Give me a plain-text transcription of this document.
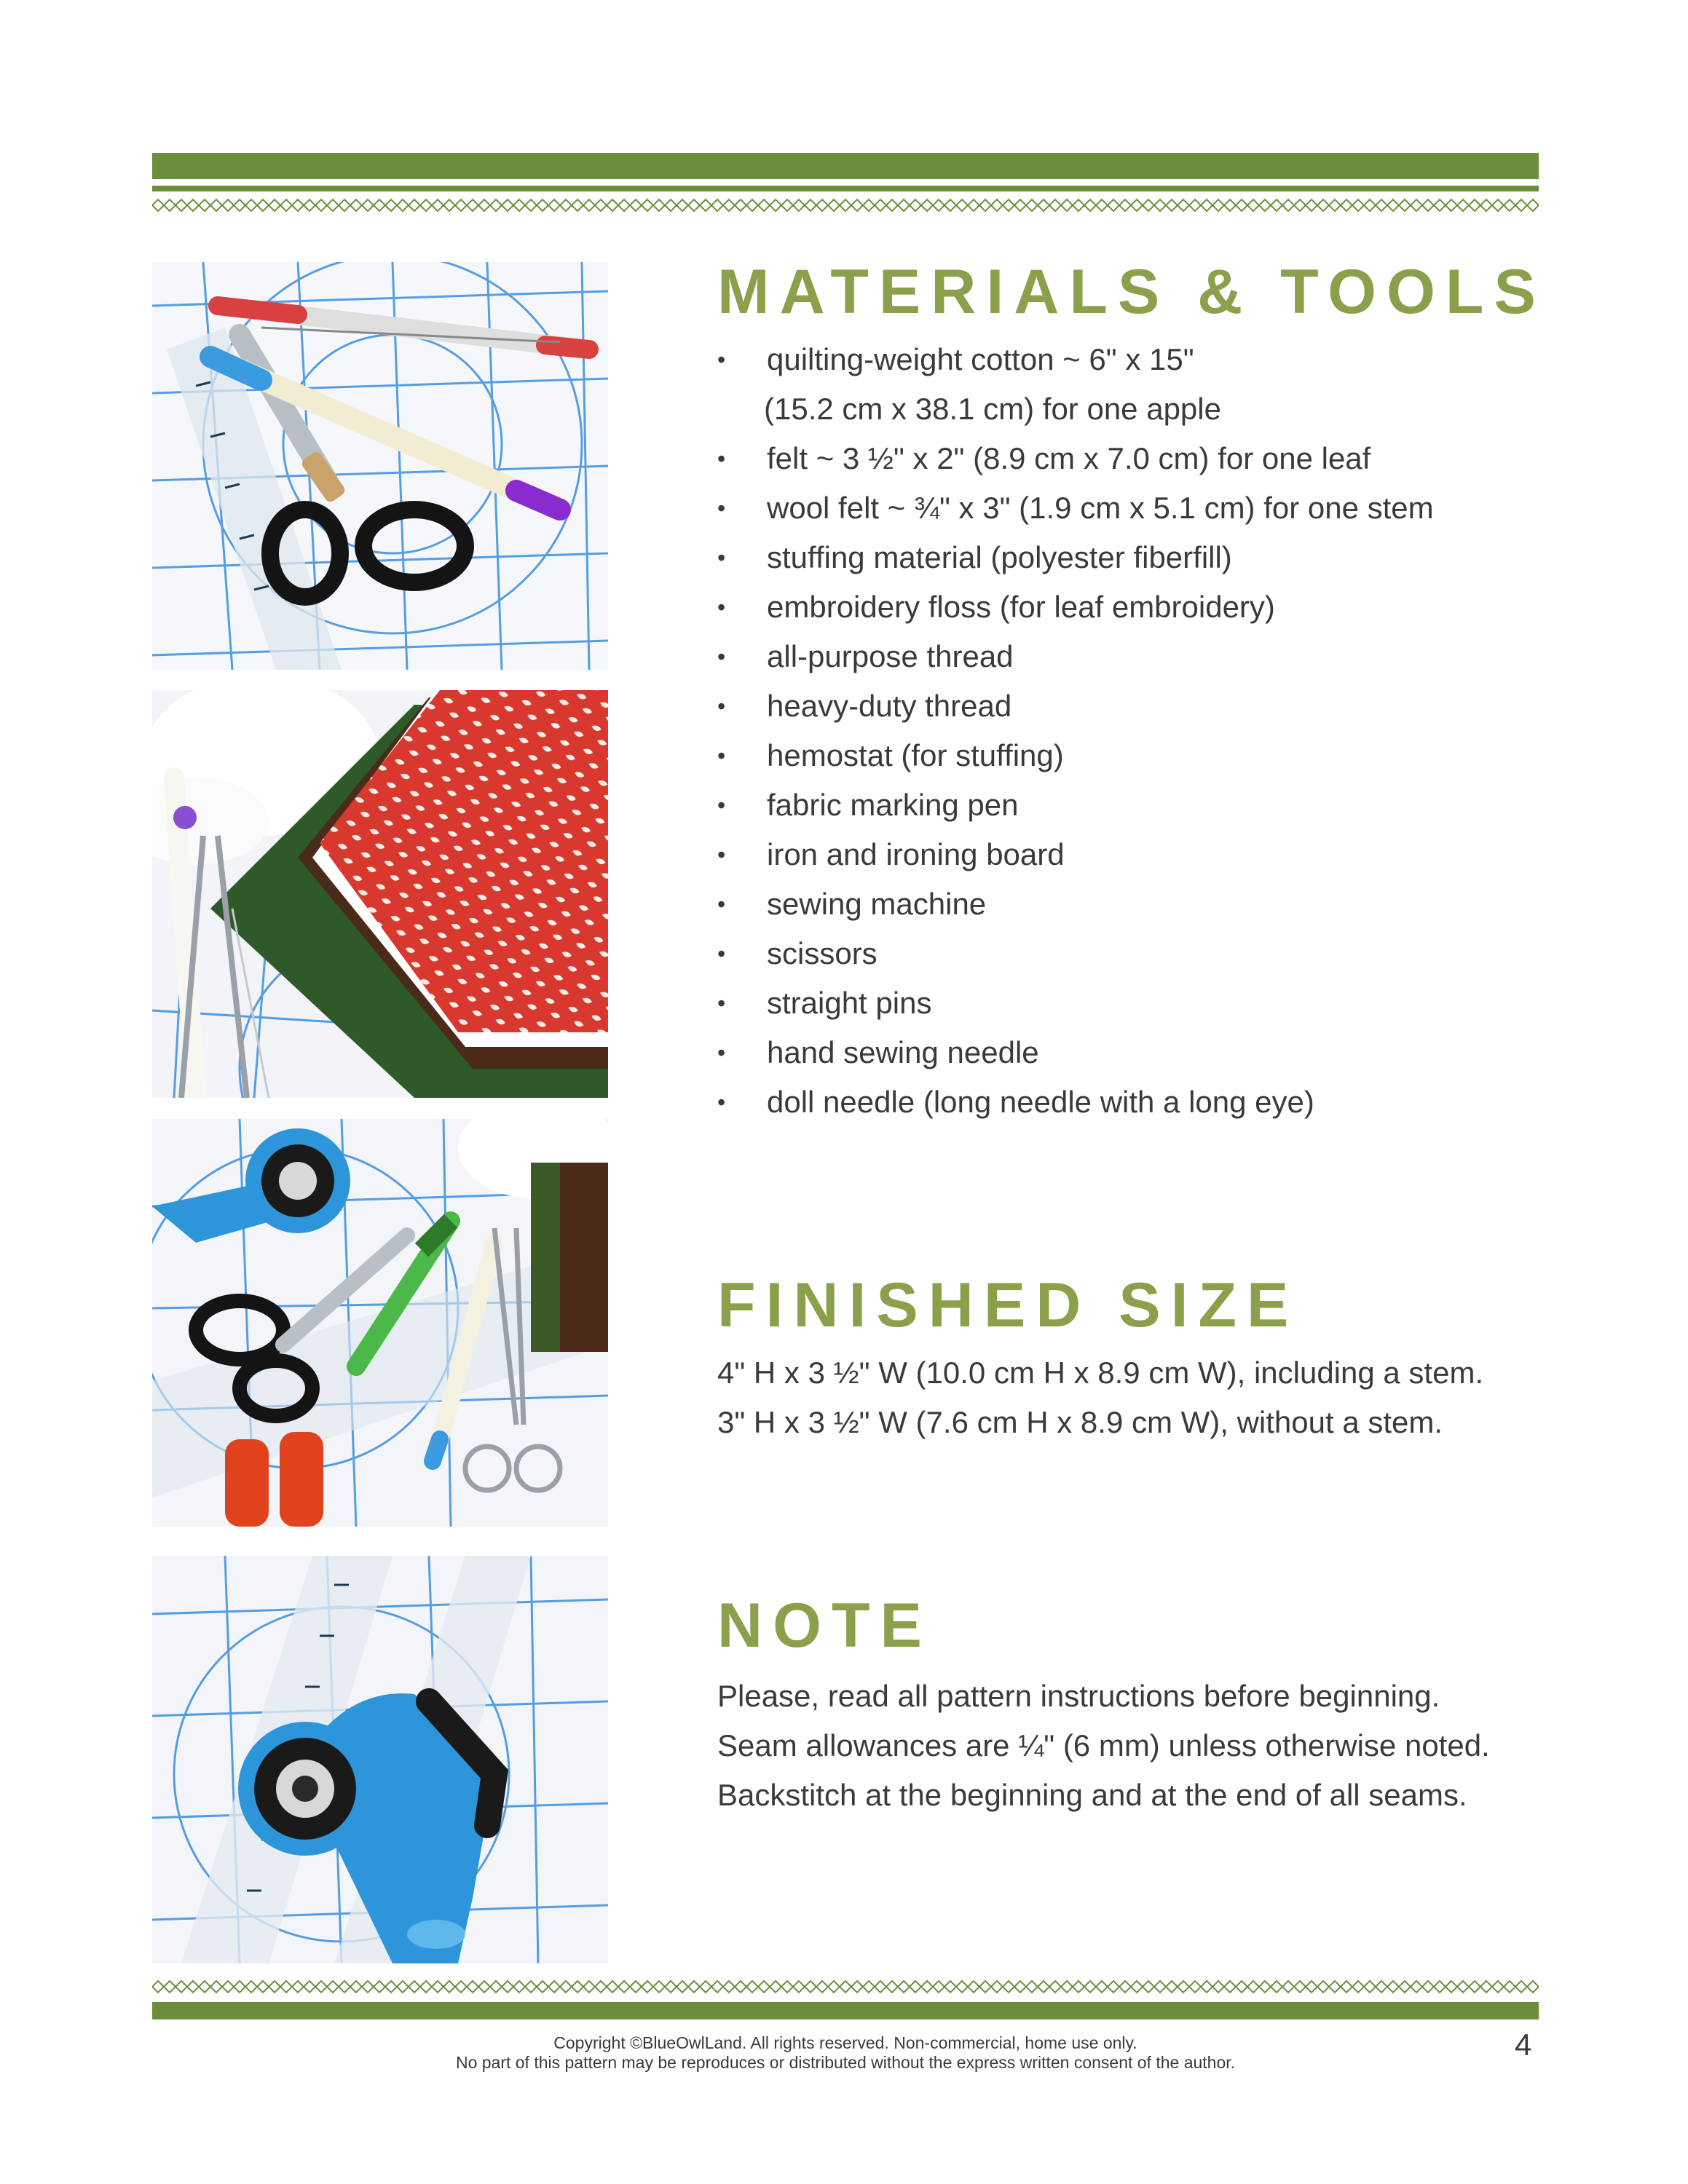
MATERIALS & TOOLS
• quilting-weight cotton ~ 6" x 15"
(15.2 cm x 38.1 cm) for one apple
• felt ~ 3 ½" x 2" (8.9 cm x 7.0 cm) for one leaf
• wool felt ~ ¾" x 3" (1.9 cm x 5.1 cm) for one stem
• stuffing material (polyester fiberfill)
• embroidery floss (for leaf embroidery)
• all-purpose thread
• heavy-duty thread
• hemostat (for stuffing)
• fabric marking pen
• iron and ironing board
• sewing machine
• scissors
• straight pins
• hand sewing needle
• doll needle (long needle with a long eye)
FINISHED SIZE

4" H x 3 ½" W (10.0 cm H x 8.9 cm W), including a stem.

3" H x 3 ½" W (7.6 cm H x 8.9 cm W), without a stem.

NOTE

Please, read all pattern instructions before beginning.

Seam allowances are ¼" (6 mm) unless otherwise noted.

Backstitch at the beginning and at the end of all seams.

Copyright ©BlueOwlLand. All rights reserved. Non-commercial, home use only.
No part of this pattern may be reproduces or distributed without the express written consent of the author.
4
